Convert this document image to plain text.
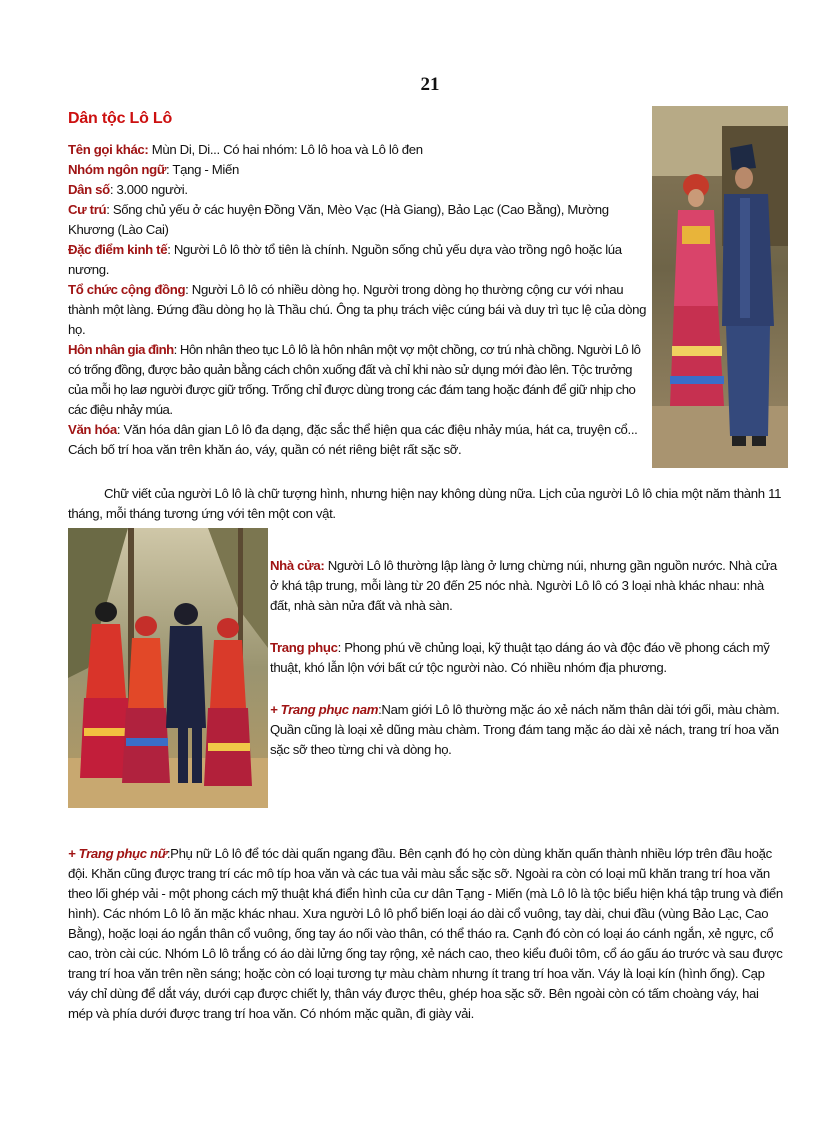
21
Dân tộc Lô Lô

Tên gọi khác: Mùn Di, Di... Có hai nhóm: Lô lô hoa và Lô lô đen

Nhóm ngôn ngữ: Tạng - Miến

Dân số: 3.000 người.

Cư trú: Sống chủ yếu ở các huyện Đồng Văn, Mèo Vạc (Hà Giang), Bảo Lạc (Cao Bằng), Mường Khương (Lào Cai)

Đặc điểm kinh tế: Người Lô lô thờ tổ tiên là chính. Nguồn sống chủ yếu dựa vào trồng ngô hoặc lúa nương.

Tổ chức cộng đồng: Người Lô lô có nhiều dòng họ. Người trong dòng họ thường cộng cư với nhau thành một làng. Đứng đầu dòng họ là Thầu chú. Ông ta phụ trách việc cúng bái và duy trì tục lệ của dòng họ.

Hôn nhân gia đình: Hôn nhân theo tục Lô lô là hôn nhân một vợ một chồng, cơ trú nhà chồng. Người Lô lô có trống đồng, được bảo quản bằng cách chôn xuống đất và chỉ khi nào sử dụng mới đào lên. Tộc trưởng của mỗi họ laø người được giữ trống. Trống chỉ được dùng trong các đám tang hoặc đánh để giữ nhịp cho các điệu nhảy múa.

Văn hóa: Văn hóa dân gian Lô lô đa dạng, đặc sắc thể hiện qua các điệu nhảy múa, hát ca, truyện cổ... Cách bố trí hoa văn trên khăn áo, váy, quần có nét riêng biệt rất sặc sỡ.

Chữ viết của người Lô lô là chữ tượng hình, nhưng hiện nay không dùng nữa. Lịch của người Lô lô chia một năm thành 11 tháng, mỗi tháng tương ứng với tên một con vật.

Nhà cửa: Người Lô lô thường lập làng ở lưng chừng núi, nhưng gần nguồn nước. Nhà cửa ở khá tập trung, mỗi làng từ 20 đến 25 nóc nhà. Người Lô lô có 3 loại nhà khác nhau: nhà đất, nhà sàn nửa đất và nhà sàn.

Trang phục: Phong phú về chủng loại, kỹ thuật tạo dáng áo và độc đáo về phong cách mỹ thuật, khó lẫn lộn với bất cứ tộc người nào. Có nhiều nhóm địa phương.

+ Trang phục nam:Nam giới Lô lô thường mặc áo xẻ nách năm thân dài tới gối, màu chàm. Quần cũng là loại xẻ dũng màu chàm. Trong đám tang mặc áo dài xẻ nách, trang trí hoa văn sặc sỡ theo từng chi và dòng họ.

+ Trang phục nữ:Phụ nữ Lô lô để tóc dài quấn ngang đầu. Bên cạnh đó họ còn dùng khăn quấn thành nhiều lớp trên đầu hoặc đội. Khăn cũng được trang trí các mô típ hoa văn và các tua vải màu sắc sặc sỡ. Ngoài ra còn có loại mũ khăn trang trí hoa văn theo lối ghép vải - một phong cách mỹ thuật khá điển hình của cư dân Tạng - Miến (mà Lô lô là tộc biểu hiện khá tập trung và điển hình). Các nhóm Lô lô ăn mặc khác nhau. Xưa người Lô lô phổ biến loại áo dài cổ vuông, tay dài, chui đầu (vùng Bảo Lạc, Cao Bằng), hoặc loại áo ngắn thân cổ vuông, ống tay áo nối vào thân, có thể tháo ra. Cạnh đó còn có loại áo cánh ngắn, xẻ ngực, cổ cao, tròn cài cúc. Nhóm Lô lô trắng có áo dài lửng ống tay rộng, xẻ nách cao, theo kiểu đuôi tôm, cổ áo gấu áo trước và sau được trang trí hoa văn trên nền sáng; hoặc còn có loại tương tự màu chàm nhưng ít trang trí hoa văn. Váy là loại kín (hình ống). Cạp váy chỉ dùng để dắt váy, dưới cạp được chiết ly, thân váy được thêu, ghép hoa sặc sỡ. Bên ngoài còn có tấm choàng váy, hai mép và phía dưới được trang trí hoa văn. Có nhóm mặc quần, đi giày vải.
